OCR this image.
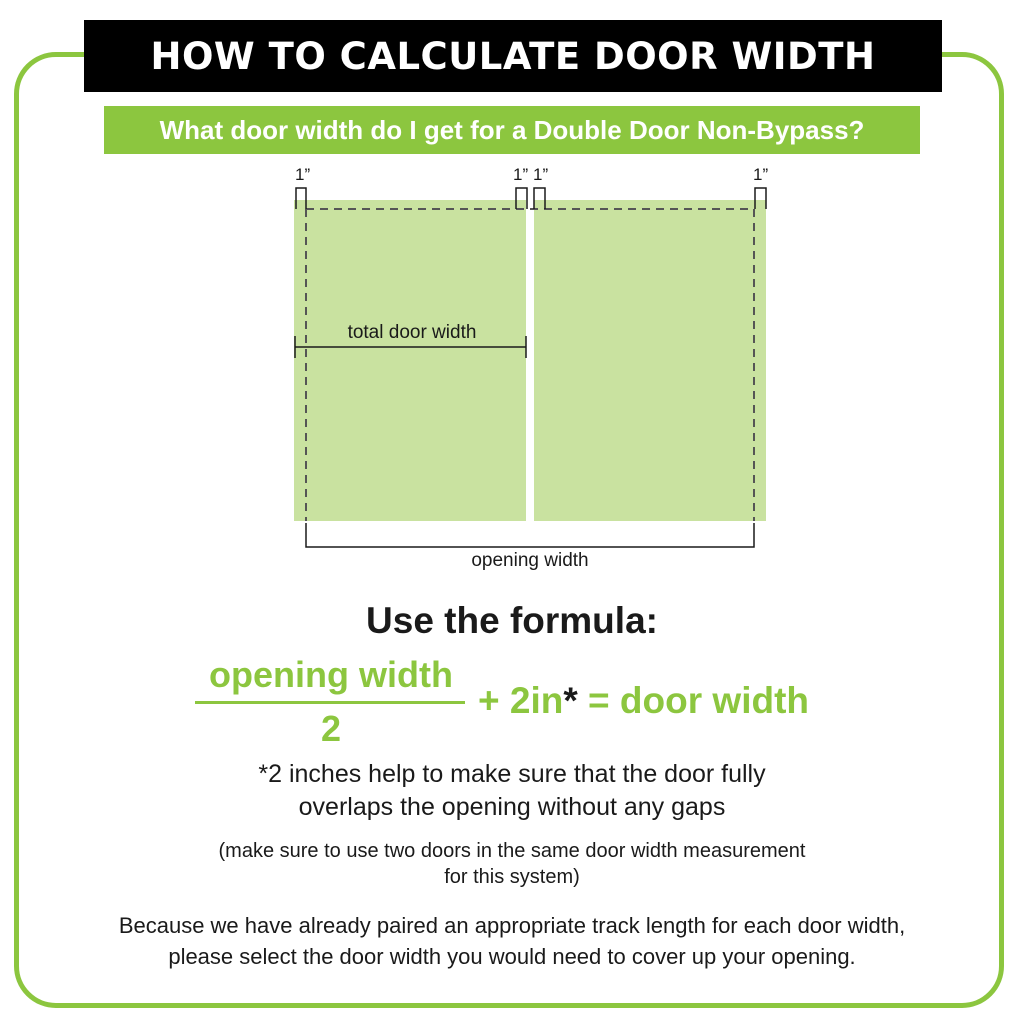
HOW TO CALCULATE DOOR WIDTH
What door width do I get for a Double Door Non-Bypass?
1”	1” 1”	1”
total door width
opening width
Use the formula:
opening width
2
+ 2in* = door width
*2 inches help to make sure that the door fully
overlaps the opening without any gaps
(make sure to use two doors in the same door width measurement
for this system)
Because we have already paired an appropriate track length for each door width,
please select the door width you would need to cover up your opening.
